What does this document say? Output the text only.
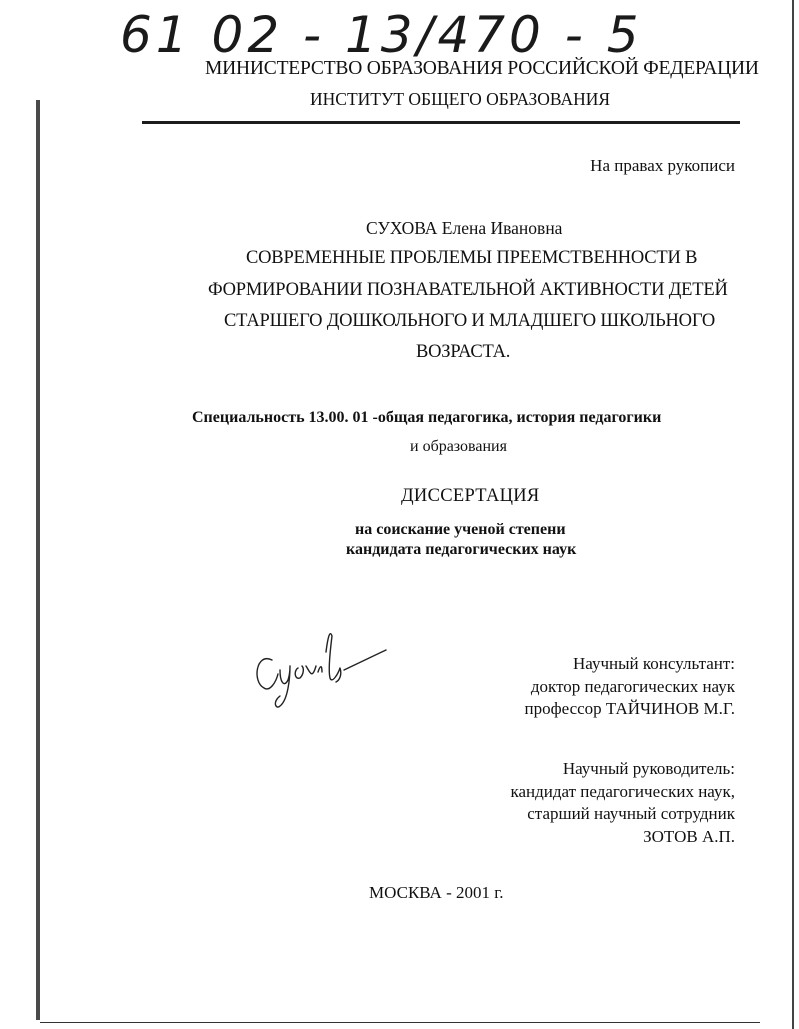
61 02 - 13/470 - 5
МИНИСТЕРСТВО ОБРАЗОВАНИЯ РОССИЙСКОЙ ФЕДЕРАЦИИ
ИНСТИТУТ ОБЩЕГО ОБРАЗОВАНИЯ
На правах рукописи
СУХОВА Елена Ивановна
СОВРЕМЕННЫЕ ПРОБЛЕМЫ ПРЕЕМСТВЕННОСТИ В
ФОРМИРОВАНИИ ПОЗНАВАТЕЛЬНОЙ АКТИВНОСТИ ДЕТЕЙ
СТАРШЕГО ДОШКОЛЬНОГО И МЛАДШЕГО ШКОЛЬНОГО
ВОЗРАСТА.
Специальность 13.00. 01 -общая педагогика, история педагогики
и образования
ДИССЕРТАЦИЯ
на соискание ученой степени
кандидата педагогических наук
Научный консультант:
доктор педагогических наук
профессор ТАЙЧИНОВ М.Г.
Научный руководитель:
кандидат педагогических наук,
старший научный сотрудник
ЗОТОВ А.П.
МОСКВА - 2001 г.
